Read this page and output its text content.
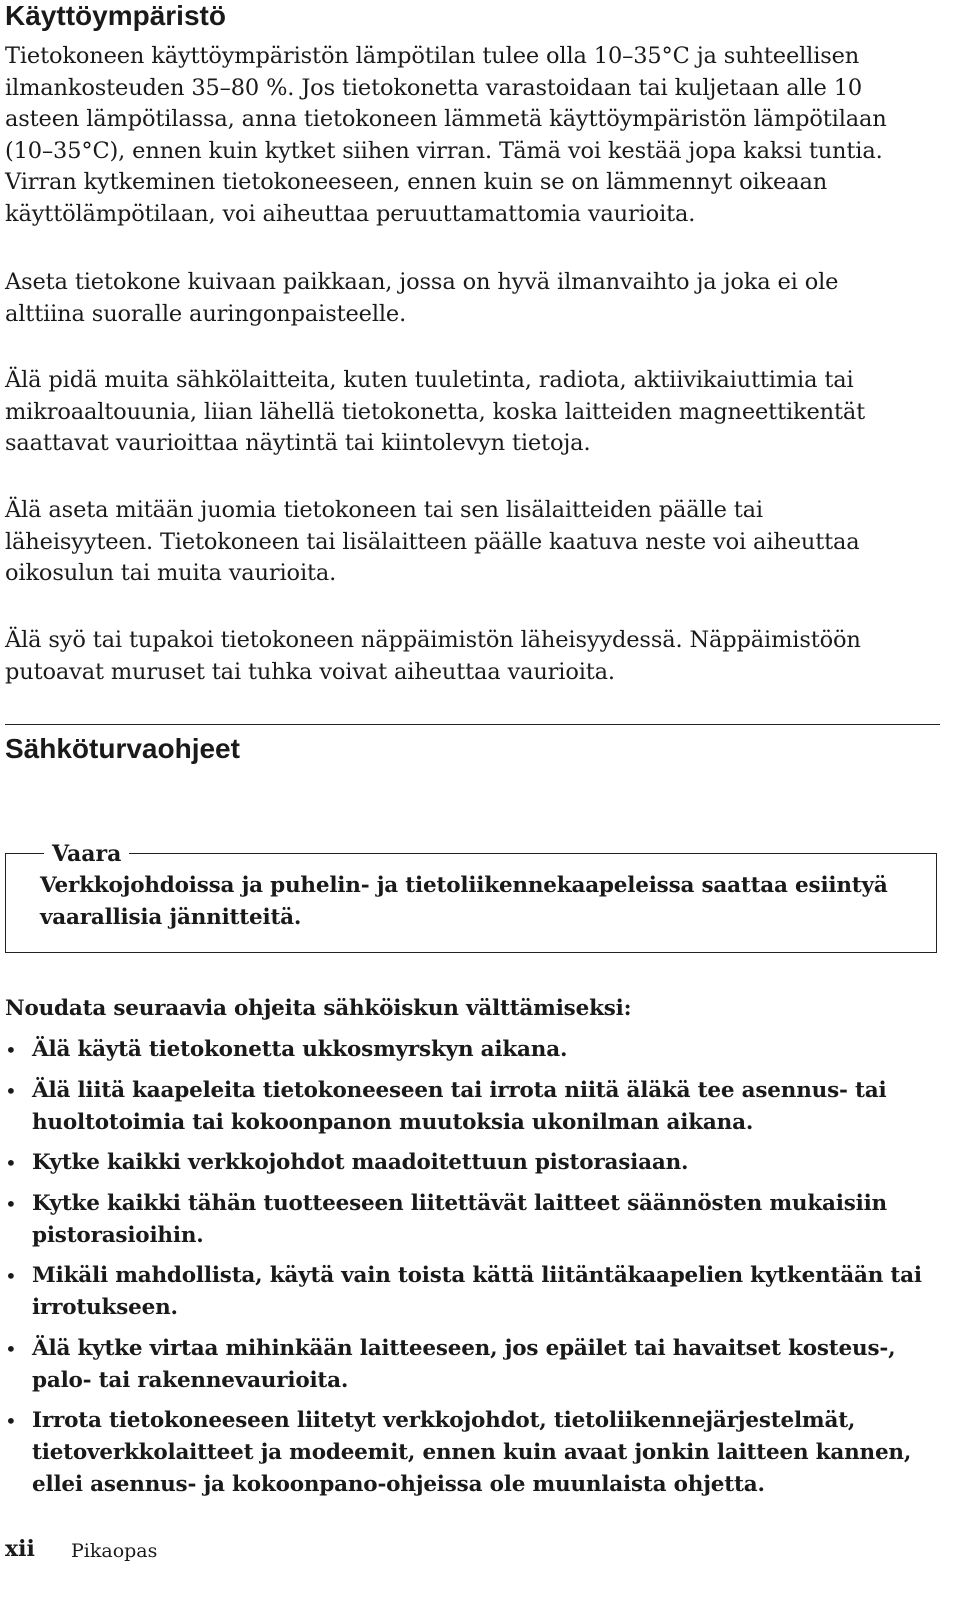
Käyttöympäristö
Tietokoneen käyttöympäristön lämpötilan tulee olla 10–35°C ja suhteellisen
ilmankosteuden 35–80 %. Jos tietokonetta varastoidaan tai kuljetaan alle 10
asteen lämpötilassa, anna tietokoneen lämmetä käyttöympäristön lämpötilaan
(10–35°C), ennen kuin kytket siihen virran. Tämä voi kestää jopa kaksi tuntia.
Virran kytkeminen tietokoneeseen, ennen kuin se on lämmennyt oikeaan
käyttölämpötilaan, voi aiheuttaa peruuttamattomia vaurioita.
Aseta tietokone kuivaan paikkaan, jossa on hyvä ilmanvaihto ja joka ei ole
alttiina suoralle auringonpaisteelle.
Älä pidä muita sähkölaitteita, kuten tuuletinta, radiota, aktiivikaiuttimia tai
mikroaaltouunia, liian lähellä tietokonetta, koska laitteiden magneettikentät
saattavat vaurioittaa näytintä tai kiintolevyn tietoja.
Älä aseta mitään juomia tietokoneen tai sen lisälaitteiden päälle tai
läheisyyteen. Tietokoneen tai lisälaitteen päälle kaatuva neste voi aiheuttaa
oikosulun tai muita vaurioita.
Älä syö tai tupakoi tietokoneen näppäimistön läheisyydessä. Näppäimistöön
putoavat muruset tai tuhka voivat aiheuttaa vaurioita.
Sähköturvaohjeet
Vaara
Verkkojohdoissa ja puhelin- ja tietoliikennekaapeleissa saattaa esiintyä
vaarallisia jännitteitä.
Noudata seuraavia ohjeita sähköiskun välttämiseksi:
• Älä käytä tietokonetta ukkosmyrskyn aikana.
• Älä liitä kaapeleita tietokoneeseen tai irrota niitä äläkä tee asennus- tai
huoltotoimia tai kokoonpanon muutoksia ukonilman aikana.
• Kytke kaikki verkkojohdot maadoitettuun pistorasiaan.
• Kytke kaikki tähän tuotteeseen liitettävät laitteet säännösten mukaisiin
pistorasioihin.
• Mikäli mahdollista, käytä vain toista kättä liitäntäkaapelien kytkentään tai
irrotukseen.
• Älä kytke virtaa mihinkään laitteeseen, jos epäilet tai havaitset kosteus-,
palo- tai rakennevaurioita.
• Irrota tietokoneeseen liitetyt verkkojohdot, tietoliikennejärjestelmät,
tietoverkkolaitteet ja modeemit, ennen kuin avaat jonkin laitteen kannen,
ellei asennus- ja kokoonpano-ohjeissa ole muunlaista ohjetta.
xii Pikaopas
